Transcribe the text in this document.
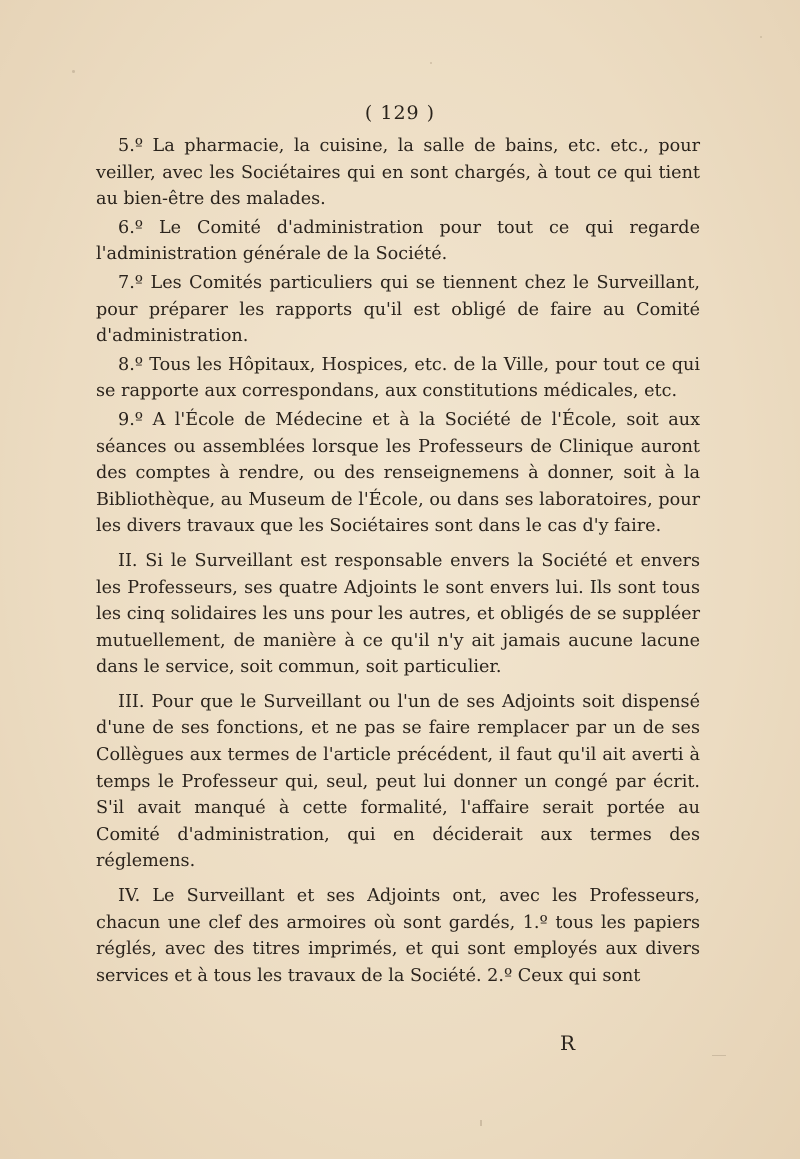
( 129 )

5.º La pharmacie, la cuisine, la salle de bains, etc. etc., pour veiller, avec les Sociétaires qui en sont chargés, à tout ce qui tient au bien-être des malades.

6.º Le Comité d'administration pour tout ce qui regarde l'administration générale de la Société.

7.º Les Comités particuliers qui se tiennent chez le Surveillant, pour préparer les rapports qu'il est obligé de faire au Comité d'administration.

8.º Tous les Hôpitaux, Hospices, etc. de la Ville, pour tout ce qui se rapporte aux correspondans, aux constitutions médicales, etc.

9.º A l'École de Médecine et à la Société de l'École, soit aux séances ou assemblées lorsque les Professeurs de Clinique auront des comptes à rendre, ou des renseignemens à donner, soit à la Bibliothèque, au Museum de l'École, ou dans ses laboratoires, pour les divers travaux que les Sociétaires sont dans le cas d'y faire.

II. Si le Surveillant est responsable envers la Société et envers les Professeurs, ses quatre Adjoints le sont envers lui. Ils sont tous les cinq solidaires les uns pour les autres, et obligés de se suppléer mutuellement, de manière à ce qu'il n'y ait jamais aucune lacune dans le service, soit commun, soit particulier.

III. Pour que le Surveillant ou l'un de ses Adjoints soit dispensé d'une de ses fonctions, et ne pas se faire remplacer par un de ses Collègues aux termes de l'article précédent, il faut qu'il ait averti à temps le Professeur qui, seul, peut lui donner un congé par écrit. S'il avait manqué à cette formalité, l'affaire serait portée au Comité d'administration, qui en déciderait aux termes des réglemens.

IV. Le Surveillant et ses Adjoints ont, avec les Professeurs, chacun une clef des armoires où sont gardés, 1.º tous les papiers réglés, avec des titres imprimés, et qui sont employés aux divers services et à tous les travaux de la Société. 2.º Ceux qui sont

R
